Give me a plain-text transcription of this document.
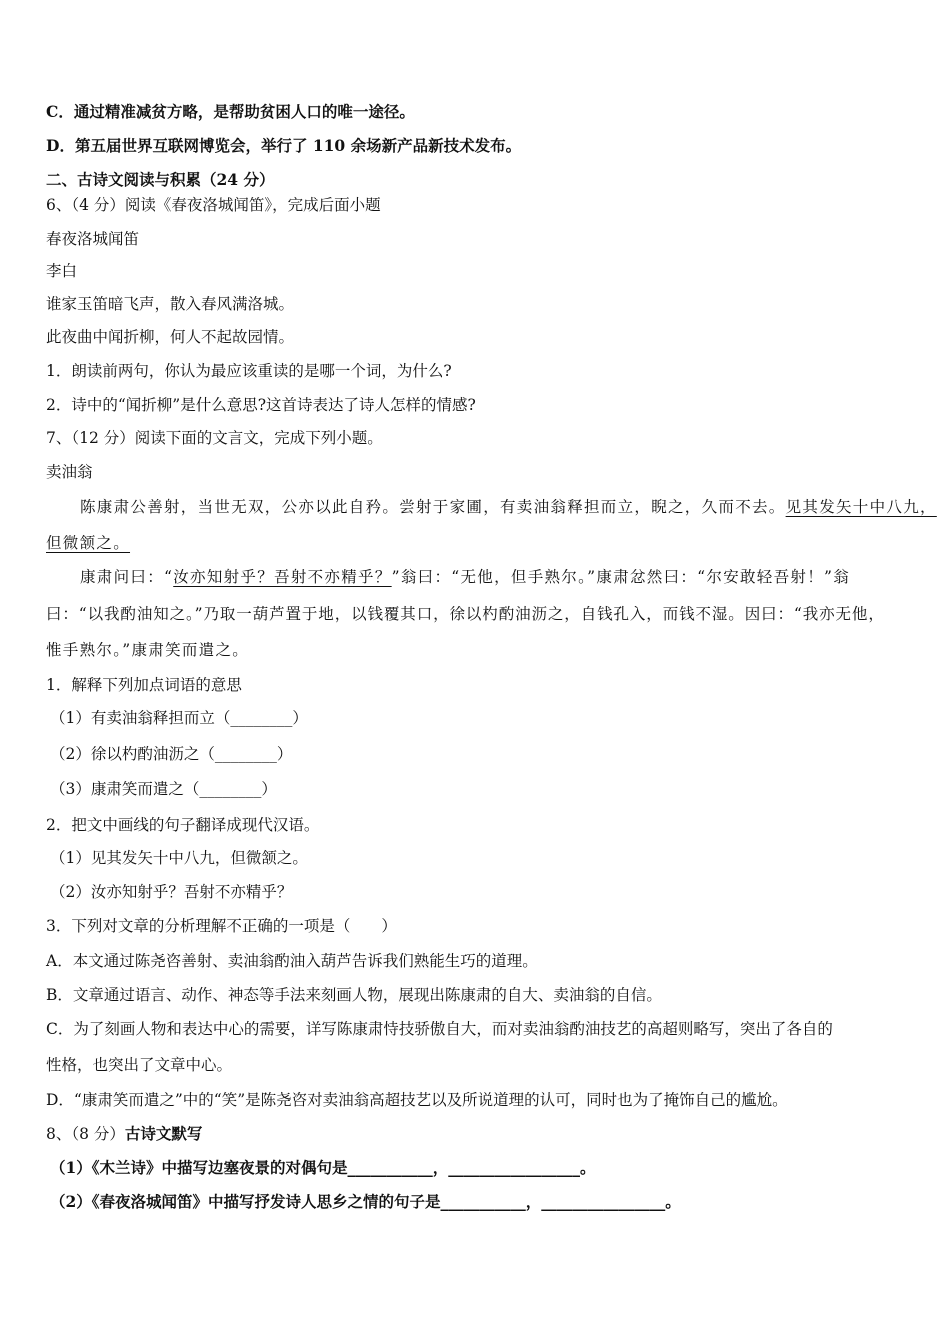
C．通过精准减贫方略，是帮助贫困人口的唯一途径。
D．第五届世界互联网博览会，举行了 110 余场新产品新技术发布。
二、古诗文阅读与积累（24 分）
6、（4 分）阅读《春夜洛城闻笛》，完成后面小题
春夜洛城闻笛
李白
谁家玉笛暗飞声，散入春风满洛城。
此夜曲中闻折柳，何人不起故园情。
1．朗读前两句，你认为最应该重读的是哪一个词，为什么?
2．诗中的“闻折柳”是什么意思?这首诗表达了诗人怎样的情感?
7、（12 分）阅读下面的文言文，完成下列小题。
卖油翁
陈康肃公善射，当世无双，公亦以此自矜。尝射于家圃，有卖油翁释担而立，睨之，久而不去。见其发矢十中八九，
但微颔之。
康肃问曰：“汝亦知射乎？吾射不亦精乎？”翁曰：“无他，但手熟尔。”康肃忿然曰：“尔安敢轻吾射！”翁
曰：“以我酌油知之。”乃取一葫芦置于地，以钱覆其口，徐以杓酌油沥之，自钱孔入，而钱不湿。因曰：“我亦无他，
惟手熟尔。”康肃笑而遣之。
1．解释下列加点词语的意思
（1）有卖油翁释担而立（________）
（2）徐以杓酌油沥之（________）
（3）康肃笑而遣之（________）
2．把文中画线的句子翻译成现代汉语。
（1）见其发矢十中八九，但微颔之。
（2）汝亦知射乎？吾射不亦精乎？
3．下列对文章的分析理解不正确的一项是（　　）
A．本文通过陈尧咨善射、卖油翁酌油入葫芦告诉我们熟能生巧的道理。
B．文章通过语言、动作、神态等手法来刻画人物，展现出陈康肃的自大、卖油翁的自信。
C．为了刻画人物和表达中心的需要，详写陈康肃恃技骄傲自大，而对卖油翁酌油技艺的高超则略写，突出了各自的
性格，也突出了文章中心。
D．“康肃笑而遣之”中的“笑”是陈尧咨对卖油翁高超技艺以及所说道理的认可，同时也为了掩饰自己的尴尬。
8、（8 分）古诗文默写
（1）《木兰诗》中描写边塞夜景的对偶句是___________，_________________。
（2）《春夜洛城闻笛》中描写抒发诗人思乡之情的句子是___________，________________。
